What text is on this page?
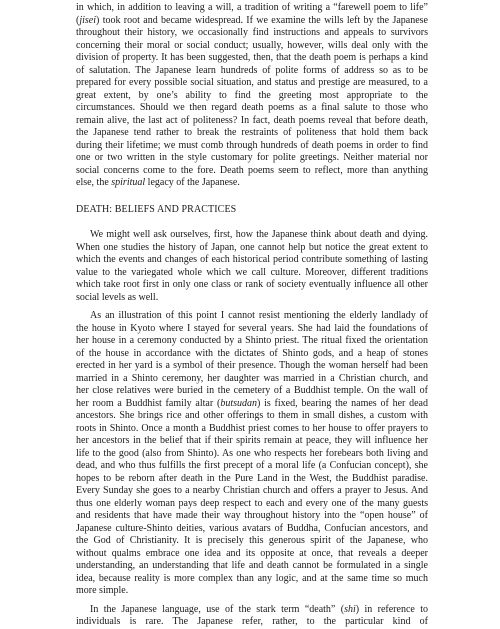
in which, in addition to leaving a will, a tradition of writing a “farewell poem to life”
(jisei) took root and became widespread. If we examine the wills left by the Japanese
throughout their history, we occasionally find instructions and appeals to survivors
concerning their moral or social conduct; usually, however, wills deal only with the
division of property. It has been suggested, then, that the death poem is perhaps a kind
of salutation. The Japanese learn hundreds of polite forms of address so as to be
prepared for every possible social situation, and status and prestige are measured, to a
great extent, by one’s ability to find the greeting most appropriate to the
circumstances. Should we then regard death poems as a final salute to those who
remain alive, the last act of politeness? In fact, death poems reveal that before death,
the Japanese tend rather to break the restraints of politeness that hold them back
during their lifetime; we must comb through hundreds of death poems in order to find
one or two written in the style customary for polite greetings. Neither material nor
social concerns come to the fore. Death poems seem to reflect, more than anything
else, the spiritual legacy of the Japanese.
DEATH: BELIEFS AND PRACTICES
We might well ask ourselves, first, how the Japanese think about death and dying.
When one studies the history of Japan, one cannot help but notice the great extent to
which the events and changes of each historical period contribute something of lasting
value to the variegated whole which we call culture. Moreover, different traditions
which take root first in only one class or rank of society eventually influence all other
social levels as well.
As an illustration of this point I cannot resist mentioning the elderly landlady of
the house in Kyoto where I stayed for several years. She had laid the foundations of
her house in a ceremony conducted by a Shinto priest. The ritual fixed the orientation
of the house in accordance with the dictates of Shinto gods, and a heap of stones
erected in her yard is a symbol of their presence. Though the woman herself had been
married in a Shinto ceremony, her daughter was married in a Christian church, and
her close relatives were buried in the cemetery of a Buddhist temple. On the wall of
her room a Buddhist family altar (butsudan) is fixed, bearing the names of her dead
ancestors. She brings rice and other offerings to them in small dishes, a custom with
roots in Shinto. Once a month a Buddhist priest comes to her house to offer prayers to
her ancestors in the belief that if their spirits remain at peace, they will influence her
life to the good (also from Shinto). As one who respects her forebears both living and
dead, and who thus fulfills the first precept of a moral life (a Confucian concept), she
hopes to be reborn after death in the Pure Land in the West, the Buddhist paradise.
Every Sunday she goes to a nearby Christian church and offers a prayer to Jesus. And
thus one elderly woman pays deep respect to each and every one of the many guests
and residents that have made their way throughout history into the “open house” of
Japanese culture-Shinto deities, various avatars of Buddha, Confucian ancestors, and
the God of Christianity. It is precisely this generous spirit of the Japanese, who
without qualms embrace one idea and its opposite at once, that reveals a deeper
understanding, an understanding that life and death cannot be formulated in a single
idea, because reality is more complex than any logic, and at the same time so much
more simple.
In the Japanese language, use of the stark term “death” (shi) in reference to
individuals is rare. The Japanese refer, rather, to the particular kind of
